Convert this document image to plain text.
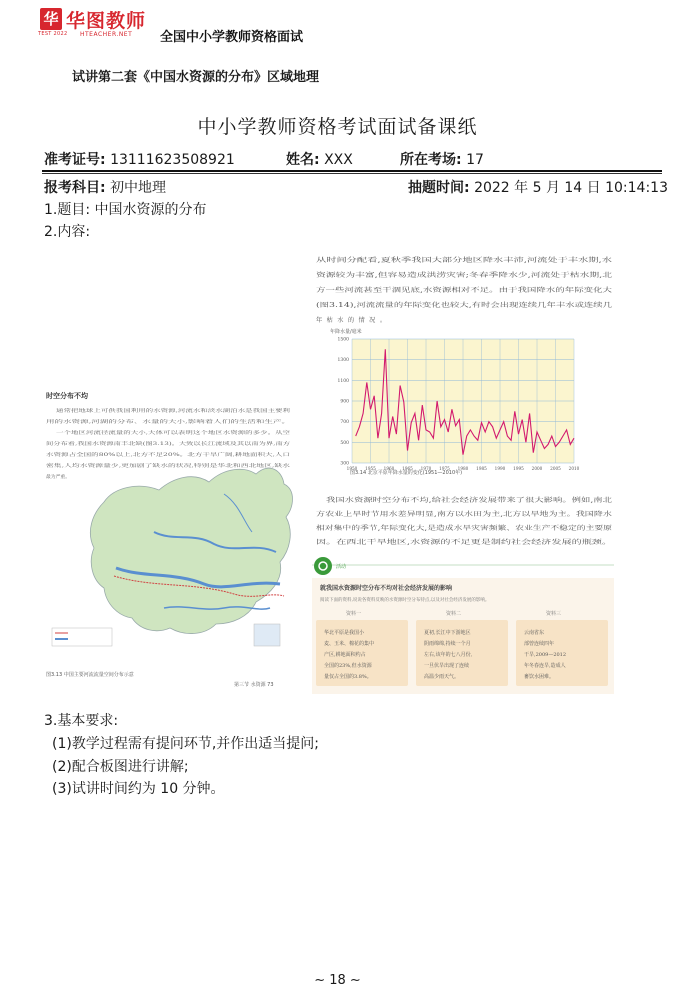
华
TEST 2022
华图教师
HTEACHER.NET 全国中小学教师资格面试
试讲第二套《中国水资源的分布》区域地理
中小学教师资格考试面试备课纸
准考证号: 13111623508921	姓名: XXX	所在考场: 17
报考科目: 初中地理	抽题时间: 2022 年 5 月 14 日 10:14:13
1.题目: 中国水资源的分布
2.内容:
从时间分配看,夏秋季我国大部分地区降水丰沛,河流处于丰水期,水
资源较为丰富,但容易造成洪涝灾害;冬春季降水少,河流处于枯水期,北
方一些河流甚至干涸见底,水资源相对不足。由于我国降水的年际变化大
(图3.14),河流流量的年际变化也较大,有时会出现连续几年丰水或连续几
年枯水的情况。
年降水量/毫米
300
500
700
900
1100
1300
1500
1950 1955 1960 1965 1970 1975 1980 1985 1990 1995 2000 2005 2010
图3.14 北京平原年降水量的变化(1951—2010年)
时空分布不均
通常把地球上可供我国利用的水资源,河流水和淡水湖泊水是我国主要利
用的水资源,河湖的分布、水量的大小,影响着人们的生活和生产。
一个地区河流径流量的大小,大体可以表明这个地区水资源的多少。从空
间分布看,我国水资源南丰北缺(图3.13)。大致以长江流域及其以南为界,南方
水资源占全国的80%以上,北方不足20%。北方干旱广阔,耕地面积大,人口
密集,人均水资源量少,更加剧了缺水的状况,特别是华北和西北地区,缺水
最为严重。
图3.13 中国主要河流流量空间分布示意
第三节 水资源 73
我国水资源时空分布不均,给社会经济发展带来了很大影响。例如,南北
方农业上旱时节用水差异明显,南方以水田为主,北方以旱地为主。我国降水
相对集中的季节,年际变化大,是造成水旱灾害频繁、农业生产不稳定的主要原
因。在西北干旱地区,水资源的不足更是制约社会经济发展的瓶颈。
活动
就我国水资源时空分布不均对社会经济发展的影响
阅读下面的资料,说说各资料反映的水资源时空分布特点,以及对社会经济发展的影响。
资料一
华北平原是我国小
麦、玉米、棉花的集中
产区,耕地面积约占
全国的23%,但水资源
量仅占全国的3.8%。
资料二
夏初,长江中下游地区
阴雨绵绵,持续一个月
左右,该年的七八月份,
一旦伏旱出现了连续
高温少雨天气。
资料三
云南省东
部曾连续四年
干旱,2009—2012
年冬春连旱,造成人
畜饮水困难。
3.基本要求:
(1)教学过程需有提问环节,并作出适当提问;
(2)配合板图进行讲解;
(3)试讲时间约为 10 分钟。
~ 18 ~
